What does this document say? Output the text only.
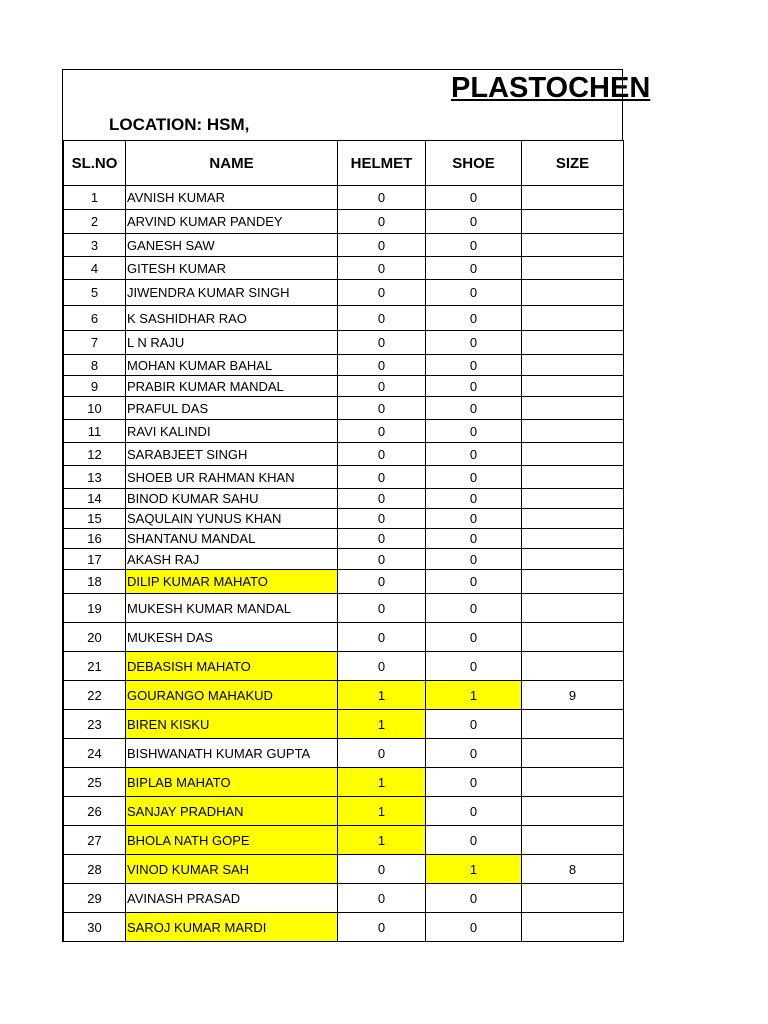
PLASTOCHEN
LOCATION: HSM,
SL.NO	NAME	HELMET	SHOE	SIZE
1	AVNISH KUMAR	0	0	
2	ARVIND KUMAR PANDEY	0	0	
3	GANESH SAW	0	0	
4	GITESH KUMAR	0	0	
5	JIWENDRA KUMAR SINGH	0	0	
6	K SASHIDHAR RAO	0	0	
7	L N RAJU	0	0	
8	MOHAN KUMAR BAHAL	0	0	
9	PRABIR KUMAR MANDAL	0	0	
10	PRAFUL DAS	0	0	
11	RAVI KALINDI	0	0	
12	SARABJEET SINGH	0	0	
13	SHOEB UR RAHMAN KHAN	0	0	
14	BINOD KUMAR SAHU	0	0	
15	SAQULAIN YUNUS KHAN	0	0	
16	SHANTANU MANDAL	0	0	
17	AKASH RAJ	0	0	
18	DILIP KUMAR MAHATO	0	0	
19	MUKESH KUMAR MANDAL	0	0	
20	MUKESH DAS	0	0	
21	DEBASISH MAHATO	0	0	
22	GOURANGO MAHAKUD	1	1	9
23	BIREN KISKU	1	0	
24	BISHWANATH KUMAR GUPTA	0	0	
25	BIPLAB MAHATO	1	0	
26	SANJAY PRADHAN	1	0	
27	BHOLA NATH GOPE	1	0	
28	VINOD KUMAR SAH	0	1	8
29	AVINASH PRASAD	0	0	
30	SAROJ KUMAR MARDI	0	0	
